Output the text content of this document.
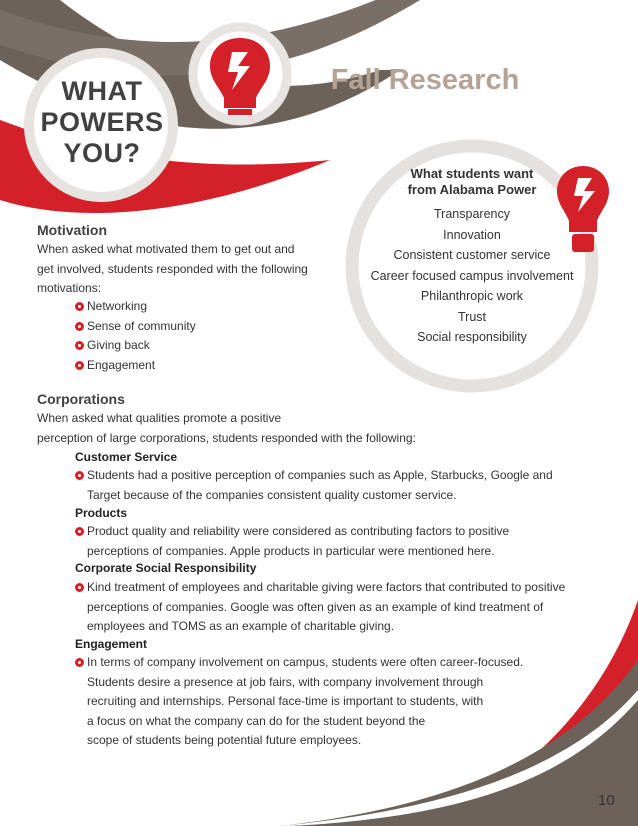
WHAT
POWERS
YOU?
Fall Research
What students want
from Alabama Power
Transparency
Innovation
Consistent customer service
Career focused campus involvement
Philanthropic work
Trust
Social responsibility
Motivation
When asked what motivated them to get out and
get involved, students responded with the following
motivations:
Networking
Sense of community
Giving back
Engagement
Corporations
When asked what qualities promote a positive
perception of large corporations, students responded with the following:
Customer Service
Students had a positive perception of companies such as Apple, Starbucks, Google and
Target because of the companies consistent quality customer service.
Products
Product quality and reliability were considered as contributing factors to positive
perceptions of companies. Apple products in particular were mentioned here.
Corporate Social Responsibility
Kind treatment of employees and charitable giving were factors that contributed to positive
perceptions of companies. Google was often given as an example of kind treatment of
employees and TOMS as an example of charitable giving.
Engagement
In terms of company involvement on campus, students were often career-focused.
Students desire a presence at job fairs, with company involvement through
recruiting and internships. Personal face-time is important to students, with
a focus on what the company can do for the student beyond the
scope of students being potential future employees.
10
